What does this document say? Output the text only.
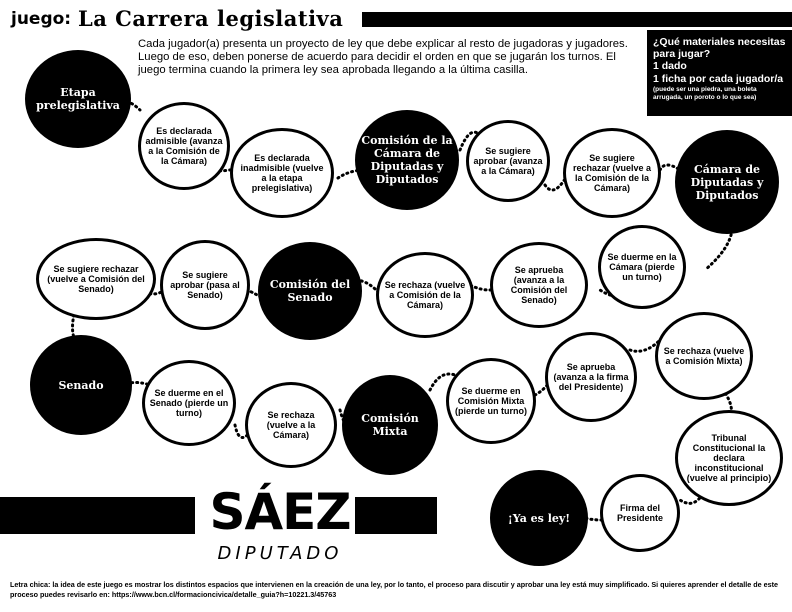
juego: La Carrera legislativa
Cada jugador(a) presenta un proyecto de ley que debe explicar al resto de jugadoras y jugadores. Luego de eso, deben ponerse de acuerdo para decidir el orden en que se jugarán los turnos. El juego termina cuando la primera ley sea aprobada llegando a la última casilla.
¿Qué materiales necesitas para jugar?
1 dado
1 ficha por cada jugador/a
(puede ser una piedra, una boleta arrugada, un poroto o lo que sea)
Etapa prelegislativa
Es declarada admisible (avanza a la Comisión de la Cámara)	Es declarada inadmisible (vuelve a la etapa prelegislativa)
Comisión de la Cámara de Diputadas y Diputados
Se sugiere aprobar (avanza a la Cámara)
Se sugiere rechazar (vuelve a la Comisión de la Cámara)
Cámara de Diputadas y Diputados
Se duerme en la Cámara (pierde un turno)
Se aprueba (avanza a la Comisión del Senado)
Se rechaza (vuelve a Comisión de la Cámara)
Comisión del Senado
Se sugiere aprobar (pasa al Senado)
Se sugiere rechazar (vuelve a Comisión del Senado)
Senado
Se duerme en el Senado (pierde un turno)	Se rechaza (vuelve a la Cámara)
Comisión Mixta
Se duerme en Comisión Mixta (pierde un turno)
Se aprueba (avanza a la firma del Presidente)
Se rechaza (vuelve a Comisión Mixta)
Tribunal Constitucional la declara inconstitucional (vuelve al principio)
Firma del Presidente
¡Ya es ley!
SÁEZ
DIPUTADO
Letra chica: la idea de este juego es mostrar los distintos espacios que intervienen en la creación de una ley, por lo tanto, el proceso para discutir y aprobar una ley está muy simplificado. Si quieres aprender el detalle de este proceso puedes revisarlo en: https://www.bcn.cl/formacioncivica/detalle_guia?h=10221.3/45763
